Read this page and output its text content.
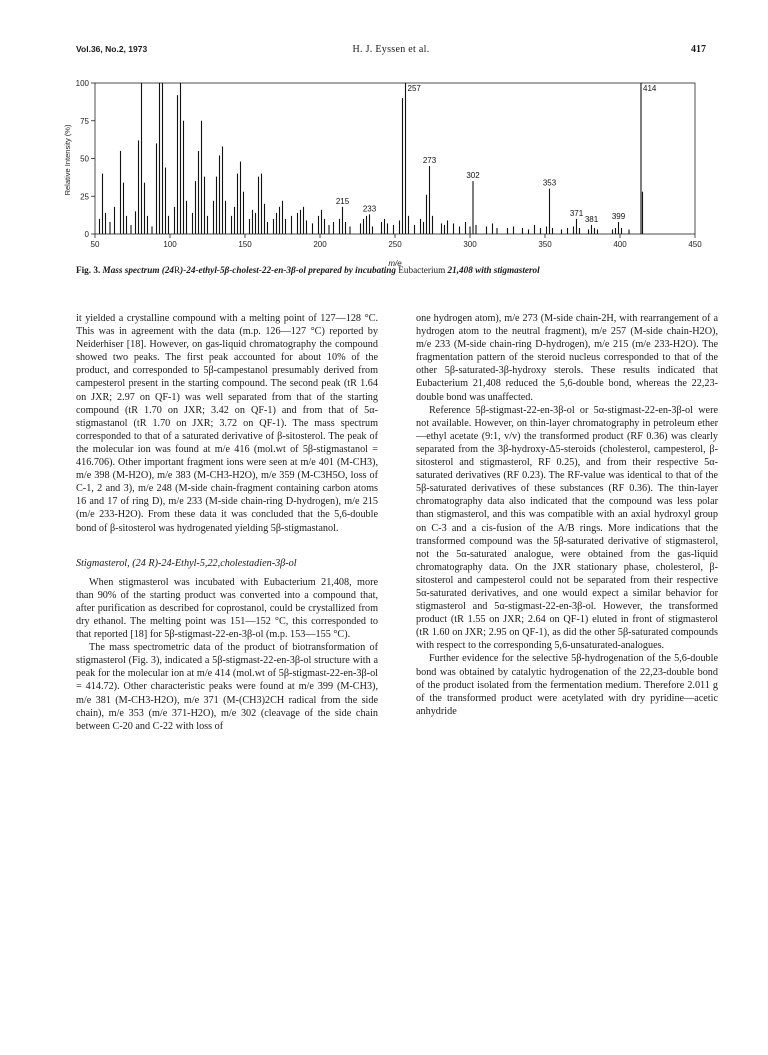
Vol.36, No.2, 1973	H. J. Eyssen et al.	417
50	100	150	200	250	300	350	400	450
0
25
50
75
100
215
233
257
273
302
353
371
381 399
414
Relative Intensity (%)
m/e
Fig. 3. Mass spectrum (24R)-24-ethyl-5β-cholest-22-en-3β-ol prepared by incubating Eubacterium 21,408 with stigmasterol

it yielded a crystalline compound with a melting point of 127—128 °C. This was in agreement with the data (m.p. 126—127 °C) reported by Neiderhiser [18]. However, on gas-liquid chromatography the compound showed two peaks. The first peak accounted for about 10% of the product, and corresponded to 5β-campestanol presumably derived from campesterol present in the starting compound. The second peak (tR 1.64 on JXR; 2.97 on QF-1) was well separated from that of the starting compound (tR 1.70 on JXR; 3.42 on QF-1) and from that of 5α-stigmastanol (tR 1.70 on JXR; 3.72 on QF-1). The mass spectrum corresponded to that of a saturated derivative of β-sitosterol. The peak of the molecular ion was found at m/e 416 (mol.wt of 5β-stigmastanol = 416.706). Other important fragment ions were seen at m/e 401 (M-CH3), m/e 398 (M-H2O), m/e 383 (M-CH3-H2O), m/e 359 (M-C3H5O, loss of C-1, 2 and 3), m/e 248 (M-side chain-fragment containing carbon atoms 16 and 17 of ring D), m/e 233 (M-side chain-ring D-hydrogen), m/e 215 (m/e 233-H2O). From these data it was concluded that the 5,6-double bond of β-sitosterol was hydrogenated yielding 5β-stigmastanol.

Stigmasterol, (24 R)-24-Ethyl-5,22,cholestadien-3β-ol

When stigmasterol was incubated with Eubacterium 21,408, more than 90% of the starting product was converted into a compound that, after purification as described for coprostanol, could be crystallized from dry ethanol. The melting point was 151—152 °C, this corresponded to that reported [18] for 5β-stigmast-22-en-3β-ol (m.p. 153—155 °C).

The mass spectrometric data of the product of biotransformation of stigmasterol (Fig. 3), indicated a 5β-stigmast-22-en-3β-ol structure with a peak for the molecular ion at m/e 414 (mol.wt of 5β-stigmast-22-en-3β-ol = 414.72). Other characteristic peaks were found at m/e 399 (M-CH3), m/e 381 (M-CH3-H2O), m/e 371 (M-(CH3)2CH radical from the side chain), m/e 353 (m/e 371-H2O), m/e 302 (cleavage of the side chain between C-20 and C-22 with loss of

one hydrogen atom), m/e 273 (M-side chain-2H, with rearrangement of a hydrogen atom to the neutral fragment), m/e 257 (M-side chain-H2O), m/e 233 (M-side chain-ring D-hydrogen), m/e 215 (m/e 233-H2O). The fragmentation pattern of the steroid nucleus corresponded to that of the other 5β-saturated-3β-hydroxy sterols. These results indicated that Eubacterium 21,408 reduced the 5,6-double bond, whereas the 22,23-double bond was unaffected.

Reference 5β-stigmast-22-en-3β-ol or 5α-stigmast-22-en-3β-ol were not available. However, on thin-layer chromatography in petroleum ether—ethyl acetate (9:1, v/v) the transformed product (RF 0.36) was clearly separated from the 3β-hydroxy-Δ5-steroids (cholesterol, campesterol, β-sitosterol and stigmasterol, RF 0.25), and from their respective 5α-saturated derivatives (RF 0.23). The RF-value was identical to that of the 5β-saturated derivatives of these substances (RF 0.36). The thin-layer chromatography data also indicated that the compound was less polar than stigmasterol, and this was compatible with an axial hydroxyl group on C-3 and a cis-fusion of the A/B rings. More indications that the transformed compound was the 5β-saturated derivative of stigmasterol, not the 5α-saturated analogue, were obtained from the gas-liquid chromatography data. On the JXR stationary phase, cholesterol, β-sitosterol and campesterol could not be separated from their respective 5α-saturated derivatives, and one would expect a similar behavior for stigmasterol and 5α-stigmast-22-en-3β-ol. However, the transformed product (tR 1.55 on JXR; 2.64 on QF-1) eluted in front of stigmasterol (tR 1.60 on JXR; 2.95 on QF-1), as did the other 5β-saturated compounds with respect to the corresponding 5,6-unsaturated-analogues.

Further evidence for the selective 5β-hydrogenation of the 5,6-double bond was obtained by catalytic hydrogenation of the 22,23-double bond of the product isolated from the fermentation medium. Therefore 2.011 g of the transformed product were acetylated with dry pyridine—acetic anhydride
